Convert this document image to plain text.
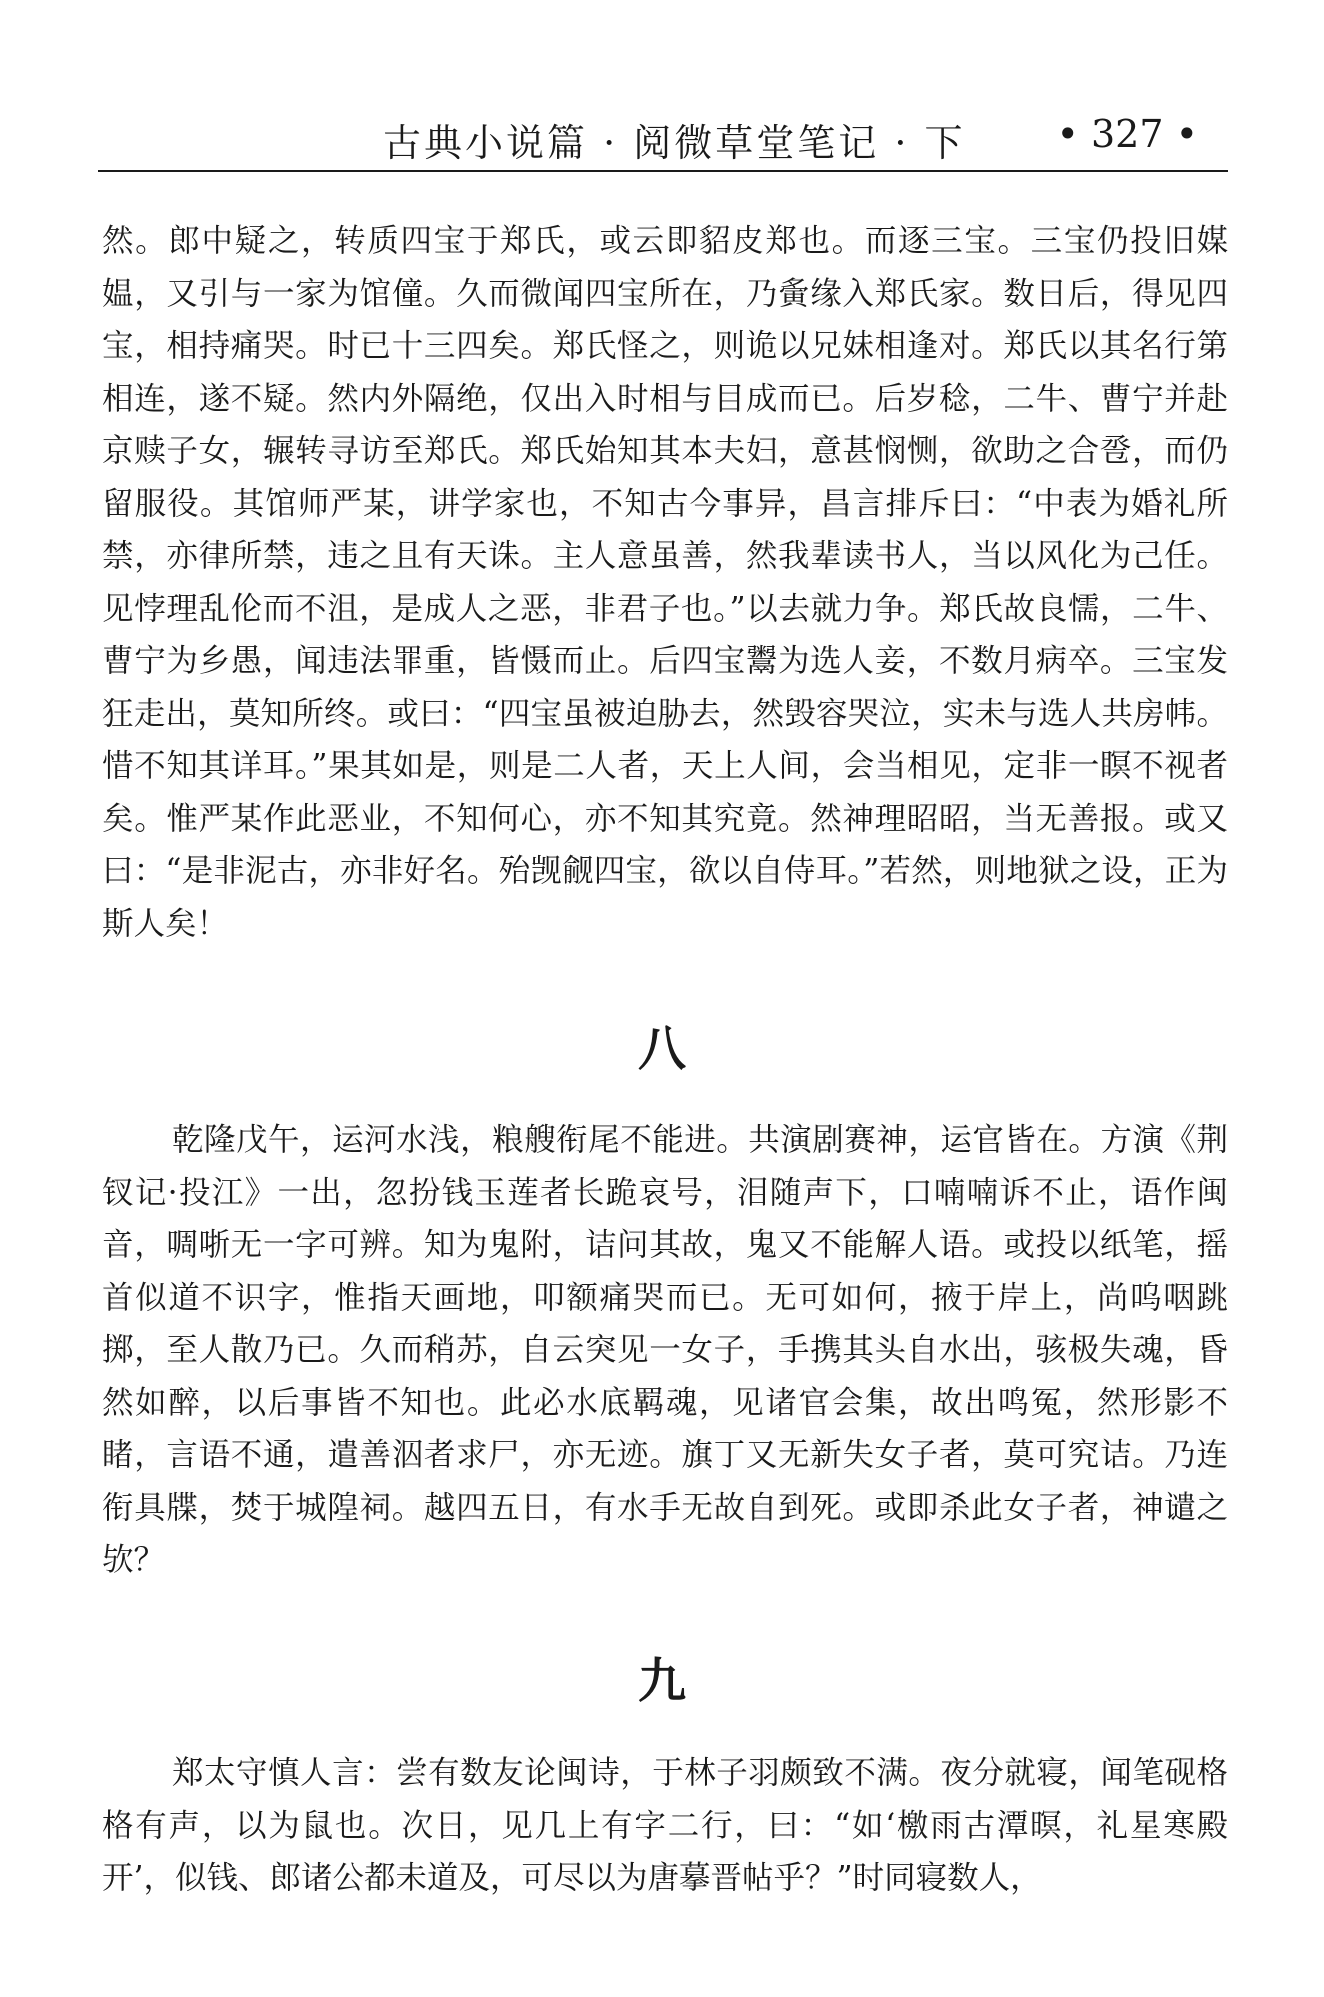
古典小说篇 · 阅微草堂笔记 · 下 • 327 •

然。郎中疑之，转质四宝于郑氏，或云即貂皮郑也。而逐三宝。三宝仍投旧媒媪，又引与一家为馆僮。久而微闻四宝所在，乃夤缘入郑氏家。数日后，得见四宝，相持痛哭。时已十三四矣。郑氏怪之，则诡以兄妹相逢对。郑氏以其名行第相连，遂不疑。然内外隔绝，仅出入时相与目成而已。后岁稔，二牛、曹宁并赴京赎子女，辗转寻访至郑氏。郑氏始知其本夫妇，意甚悯恻，欲助之合卺，而仍留服役。其馆师严某，讲学家也，不知古今事异，昌言排斥曰：“中表为婚礼所禁，亦律所禁，违之且有天诛。主人意虽善，然我辈读书人，当以风化为己任。见悖理乱伦而不沮，是成人之恶，非君子也。”以去就力争。郑氏故良懦，二牛、曹宁为乡愚，闻违法罪重，皆慑而止。后四宝鬻为选人妾，不数月病卒。三宝发狂走出，莫知所终。或曰：“四宝虽被迫胁去，然毁容哭泣，实未与选人共房帏。惜不知其详耳。”果其如是，则是二人者，天上人间，会当相见，定非一瞑不视者矣。惟严某作此恶业，不知何心，亦不知其究竟。然神理昭昭，当无善报。或又曰：“是非泥古，亦非好名。殆觊觎四宝，欲以自侍耳。”若然，则地狱之设，正为斯人矣！

八

乾隆戊午，运河水浅，粮艘衔尾不能进。共演剧赛神，运官皆在。方演《荆钗记·投江》一出，忽扮钱玉莲者长跪哀号，泪随声下，口喃喃诉不止，语作闽音，啁哳无一字可辨。知为鬼附，诘问其故，鬼又不能解人语。或投以纸笔，摇首似道不识字，惟指天画地，叩额痛哭而已。无可如何，掖于岸上，尚呜咽跳掷，至人散乃已。久而稍苏，自云突见一女子，手携其头自水出，骇极失魂，昏然如醉，以后事皆不知也。此必水底羁魂，见诸官会集，故出鸣冤，然形影不睹，言语不通，遣善泅者求尸，亦无迹。旗丁又无新失女子者，莫可究诘。乃连衔具牒，焚于城隍祠。越四五日，有水手无故自到死。或即杀此女子者，神谴之欤？

九

郑太守慎人言：尝有数友论闽诗，于林子羽颇致不满。夜分就寝，闻笔砚格格有声，以为鼠也。次日，见几上有字二行，曰：“如‘檄雨古潭暝，礼星寒殿开’，似钱、郎诸公都未道及，可尽以为唐摹晋帖乎？”时同寝数人，
